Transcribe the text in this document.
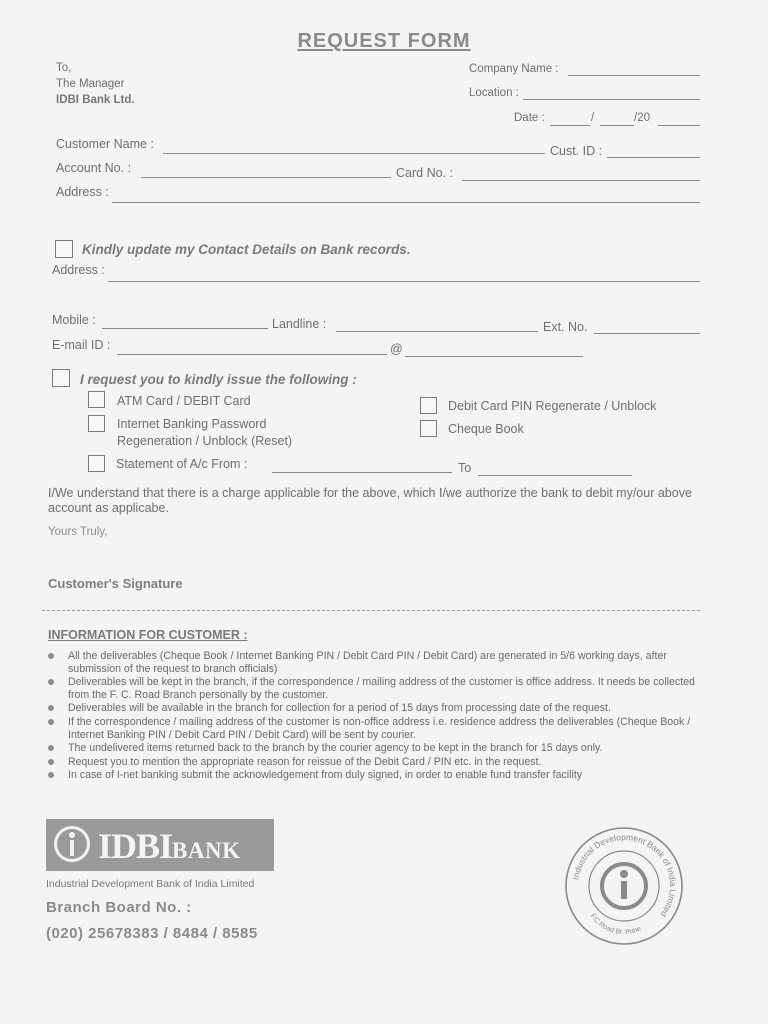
REQUEST FORM
To,
The Manager
IDBI Bank Ltd.
Company Name :
Location :
Date :	/	/20
Customer Name :	Cust. ID :
Account No. :	Card No. :
Address :
Kindly update my Contact Details on Bank records.
Address :
Mobile :	Landline :	Ext. No.
E-mail ID :	@
I request you to kindly issue the following :
ATM Card / DEBIT Card	Debit Card PIN Regenerate / Unblock
Internet Banking Password
Regeneration / Unblock (Reset)
Cheque Book
Statement of A/c From :	To
I/We understand that there is a charge applicable for the above, which I/we authorize the bank to debit my/our above account as applicabe.
Yours Truly,
Customer's Signature
INFORMATION FOR CUSTOMER :
All the deliverables (Cheque Book / Internet Banking PIN / Debit Card PIN / Debit Card) are generated in 5/6 working days, after submission of the request to branch officials)
Deliverables will be kept in the branch, if the correspondence / mailing address of the customer is office address. It needs be collected from the F. C. Road Branch personally by the customer.
Deliverables will be available in the branch for collection for a period of 15 days from processing date of the request.
If the correspondence / mailing address of the customer is non-office address i.e. residence address the deliverables (Cheque Book / Internet Banking PIN / Debit Card PIN / Debit Card) will be sent by courier.
The undelivered items returned back to the branch by the courier agency to be kept in the branch for 15 days only.
Request you to mention the appropriate reason for reissue of the Debit Card / PIN etc. in the request.
In case of I-net banking submit the acknowledgement from duly signed, in order to enable fund transfer facility
IDBIBANK
Industrial Development Bank of India Limited
Branch Board No. :
(020) 25678383 / 8484 / 8585
Industrial Development Bank of India Limited
F.C.Road Br. Pune
